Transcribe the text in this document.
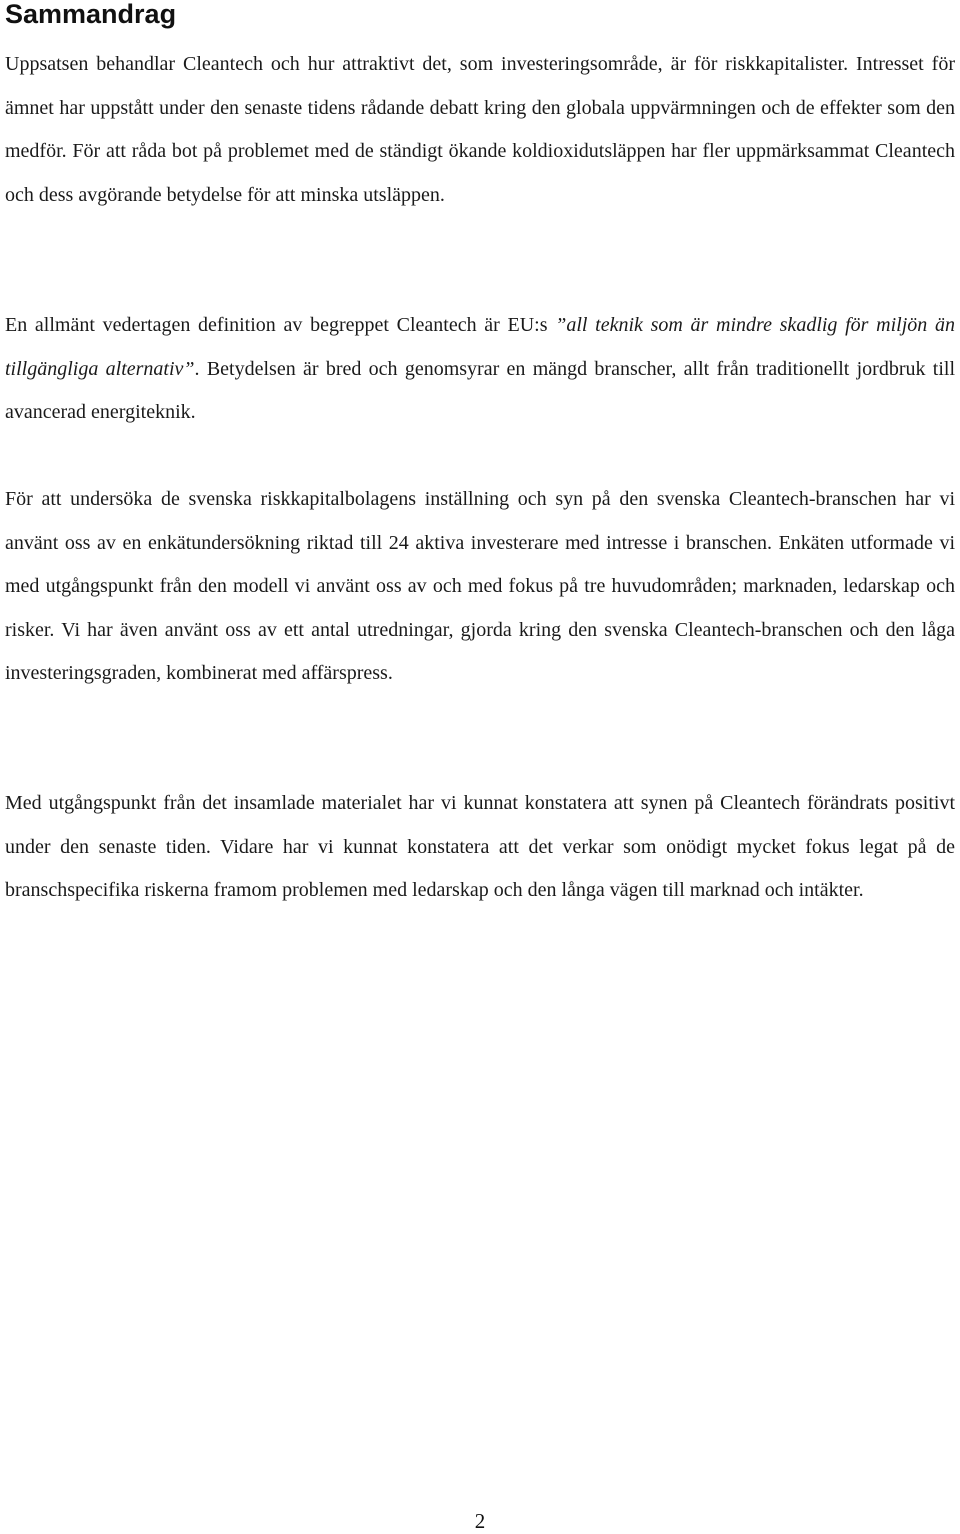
Sammandrag

Uppsatsen behandlar Cleantech och hur attraktivt det, som investeringsområde, är för riskkapitalister. Intresset för ämnet har uppstått under den senaste tidens rådande debatt kring den globala uppvärmningen och de effekter som den medför. För att råda bot på problemet med de ständigt ökande koldioxidutsläppen har fler uppmärksammat Cleantech och dess avgörande betydelse för att minska utsläppen.

En allmänt vedertagen definition av begreppet Cleantech är EU:s ”all teknik som är mindre skadlig för miljön än tillgängliga alternativ”. Betydelsen är bred och genomsyrar en mängd branscher, allt från traditionellt jordbruk till avancerad energiteknik.

För att undersöka de svenska riskkapitalbolagens inställning och syn på den svenska Cleantech-branschen har vi använt oss av en enkätundersökning riktad till 24 aktiva investerare med intresse i branschen. Enkäten utformade vi med utgångspunkt från den modell vi använt oss av och med fokus på tre huvudområden; marknaden, ledarskap och risker. Vi har även använt oss av ett antal utredningar, gjorda kring den svenska Cleantech-branschen och den låga investeringsgraden, kombinerat med affärspress.

Med utgångspunkt från det insamlade materialet har vi kunnat konstatera att synen på Cleantech förändrats positivt under den senaste tiden. Vidare har vi kunnat konstatera att det verkar som onödigt mycket fokus legat på de branschspecifika riskerna framom problemen med ledarskap och den långa vägen till marknad och intäkter.

2
